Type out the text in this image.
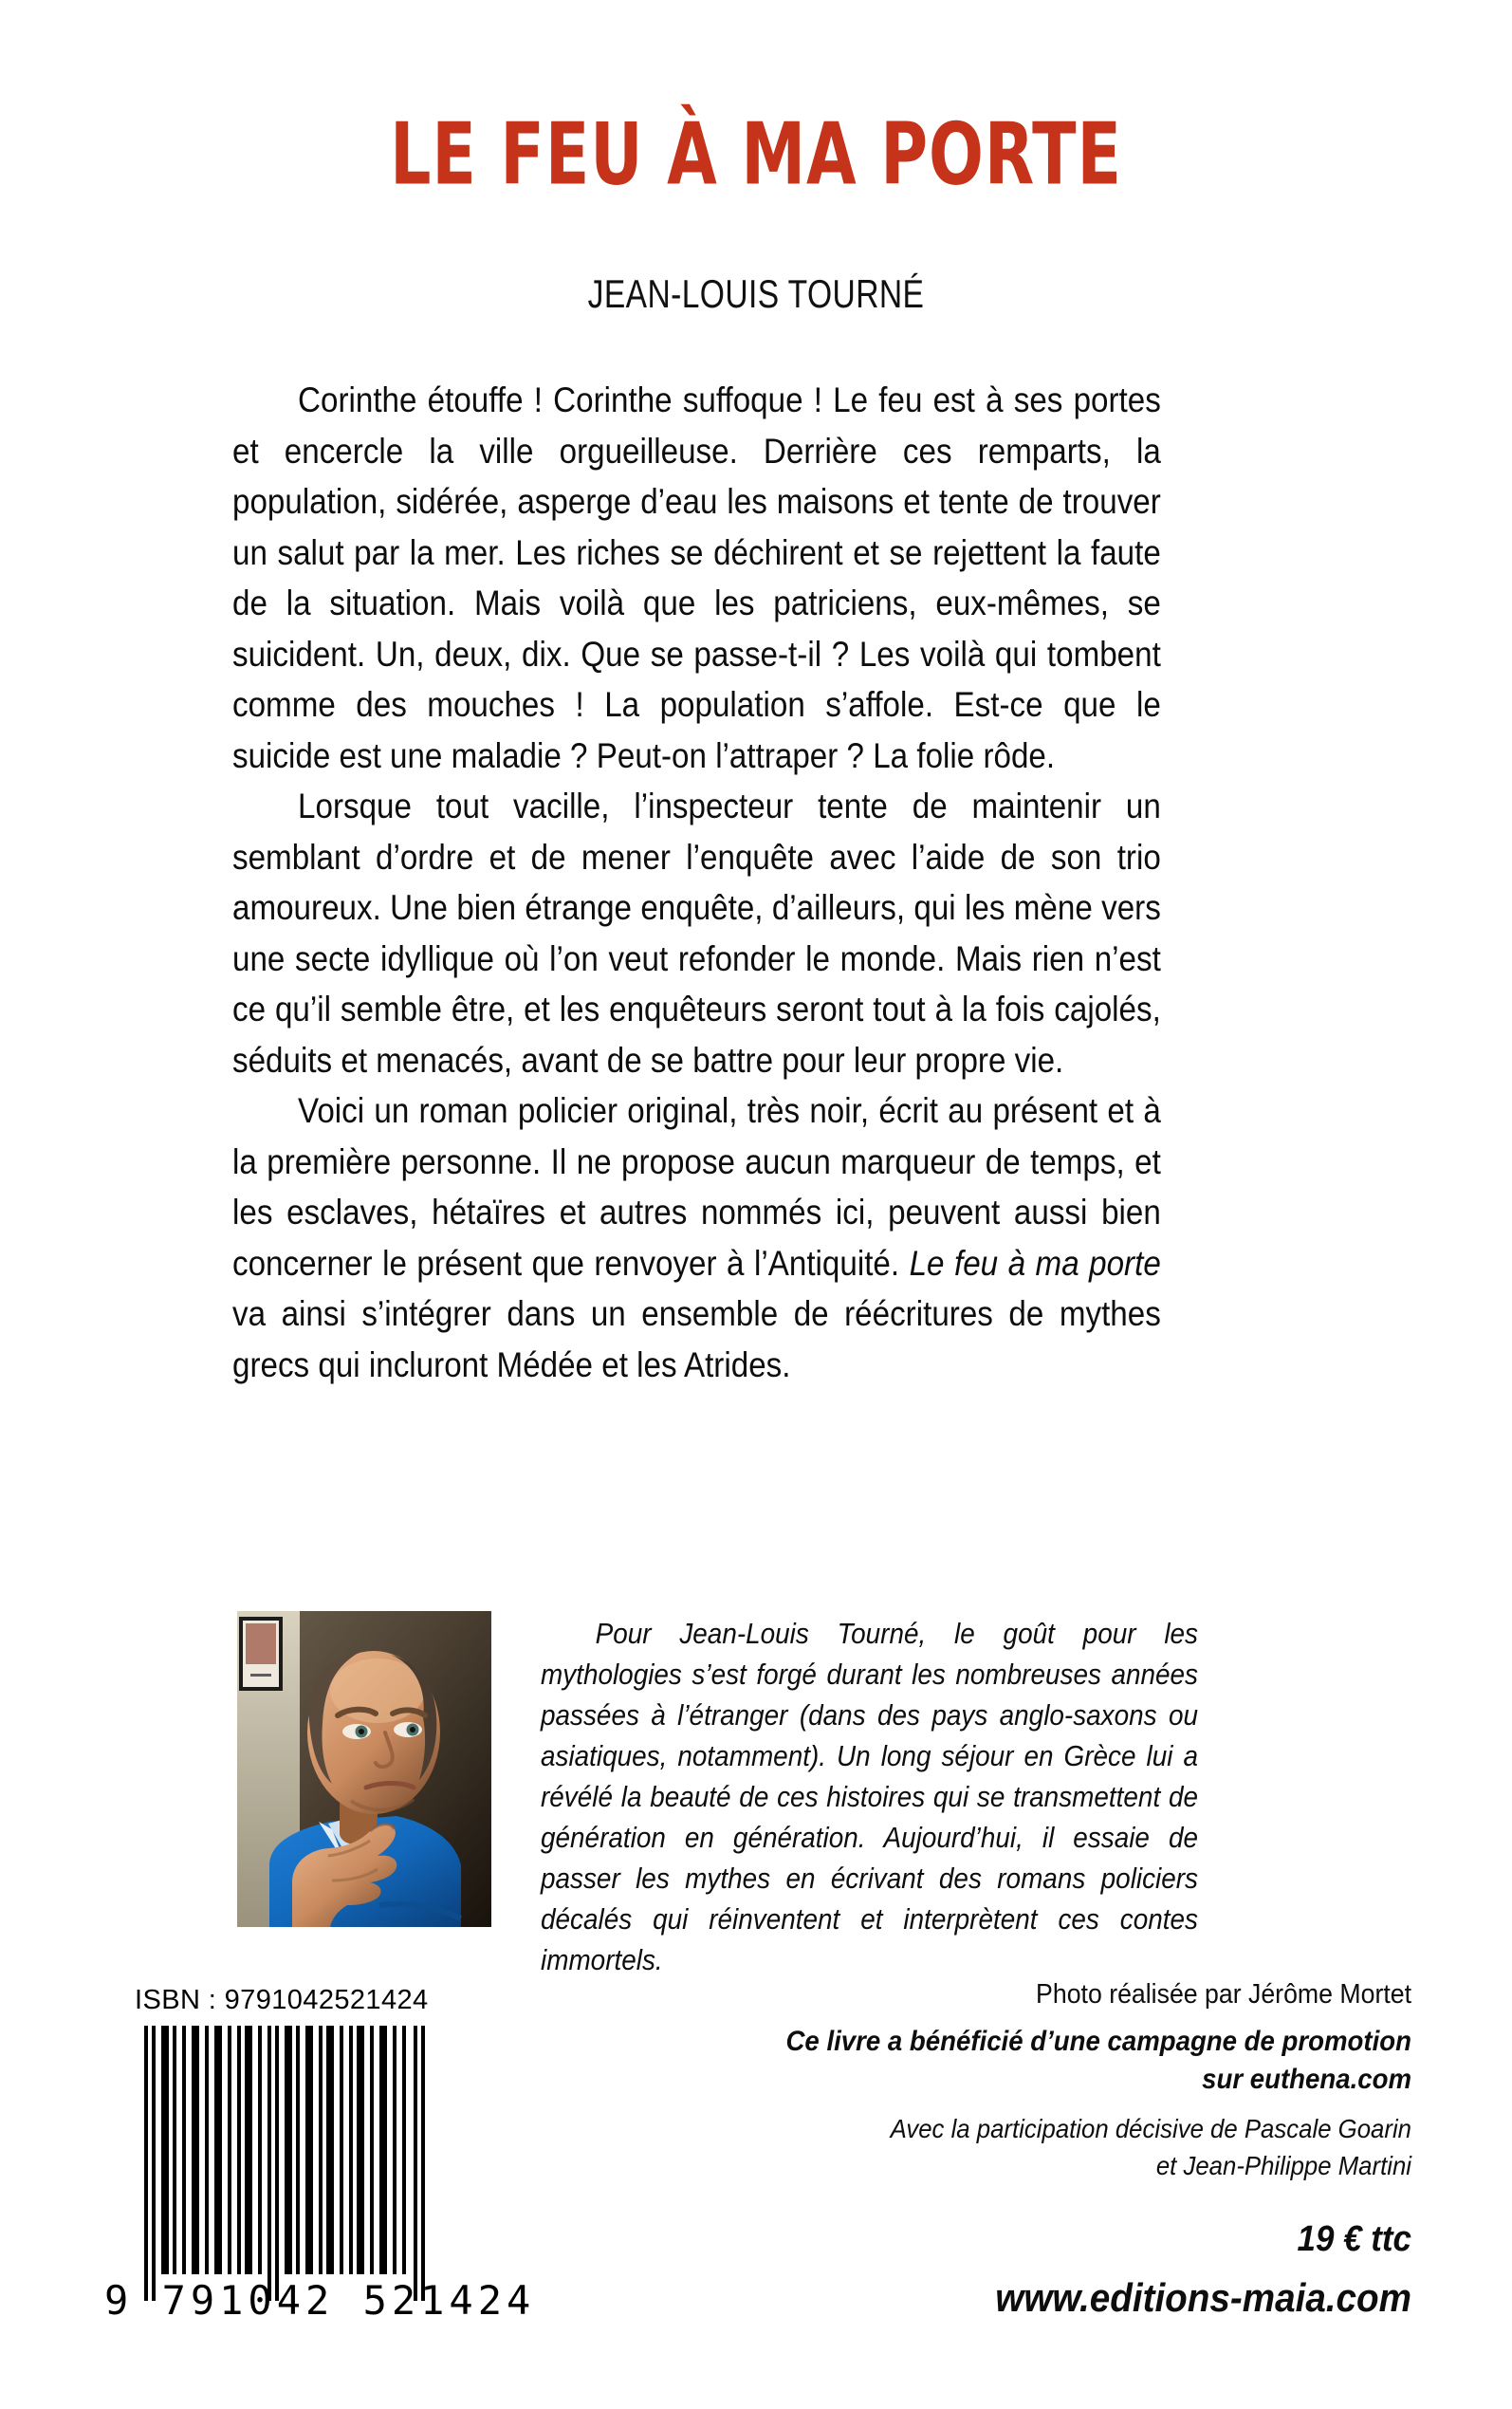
LE FEU À MA PORTE
JEAN-LOUIS TOURNÉ

Corinthe étouffe ! Corinthe suffoque ! Le feu est à ses portes et encercle la ville orgueilleuse. Derrière ces remparts, la population, sidérée, asperge d’eau les maisons et tente de trouver un salut par la mer. Les riches se déchirent et se rejettent la faute de la situation. Mais voilà que les patriciens, eux-mêmes, se suicident. Un, deux, dix. Que se passe-t-il ? Les voilà qui tombent comme des mouches ! La population s’affole. Est-ce que le suicide est une maladie ? Peut-on l’attraper ? La folie rôde.

Lorsque tout vacille, l’inspecteur tente de maintenir un semblant d’ordre et de mener l’enquête avec l’aide de son trio amoureux. Une bien étrange enquête, d’ailleurs, qui les mène vers une secte idyllique où l’on veut refonder le monde. Mais rien n’est ce qu’il semble être, et les enquêteurs seront tout à la fois cajolés, séduits et menacés, avant de se battre pour leur propre vie.

Voici un roman policier original, très noir, écrit au présent et à la première personne. Il ne propose aucun marqueur de temps, et les esclaves, hétaïres et autres nommés ici, peuvent aussi bien concerner le présent que renvoyer à l’Antiquité. Le feu à ma porte va ainsi s’intégrer dans un ensemble de réécritures de mythes grecs qui incluront Médée et les Atrides.

Pour Jean-Louis Tourné, le goût pour les mythologies s’est forgé durant les nombreuses années passées à l’étranger (dans des pays anglo-saxons ou asiatiques, notamment). Un long séjour en Grèce lui a révélé la beauté de ces histoires qui se transmettent de génération en génération. Aujourd’hui, il essaie de passer les mythes en écrivant des romans policiers décalés qui réinventent et interprètent ces contes immortels.

ISBN : 9791042521424
9 791042 521424
Photo réalisée par Jérôme Mortet
Ce livre a bénéficié d’une campagne de promotion
sur euthena.com
Avec la participation décisive de Pascale Goarin
et Jean-Philippe Martini
19 € ttc
www.editions-maia.com
